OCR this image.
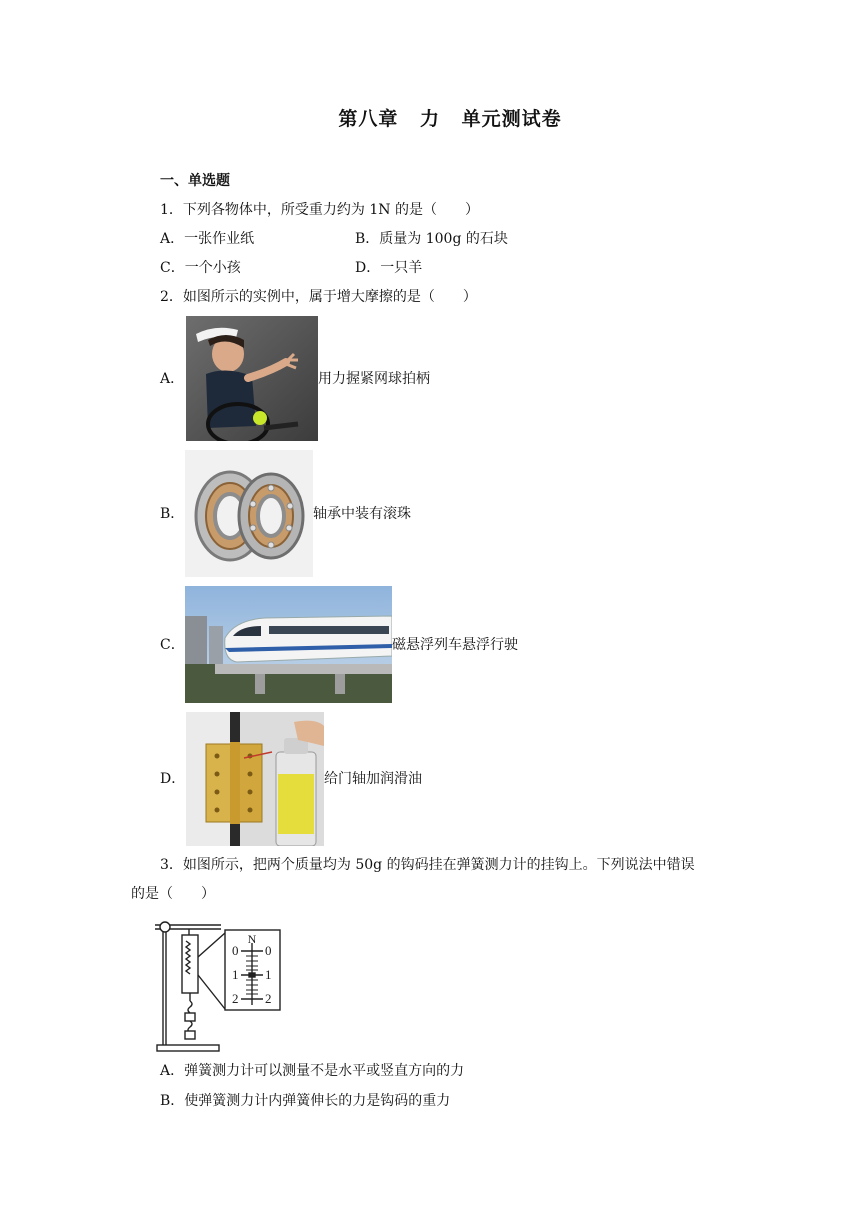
第八章 力 单元测试卷
一、单选题
1．下列各物体中，所受重力约为 1N 的是（　　）
A．一张作业纸	B．质量为 100g 的石块
C．一个小孩	D．一只羊
2．如图所示的实例中，属于增大摩擦的是（　　）
A．	用力握紧网球拍柄
B．	轴承中装有滚珠
C．	磁悬浮列车悬浮行驶
D．	给门轴加润滑油
3．如图所示，把两个质量均为 50g 的钩码挂在弹簧测力计的挂钩上。下列说法中错误
的是（　　）
N
0
1
2
0
1
2
A．弹簧测力计可以测量不是水平或竖直方向的力
B．使弹簧测力计内弹簧伸长的力是钩码的重力
